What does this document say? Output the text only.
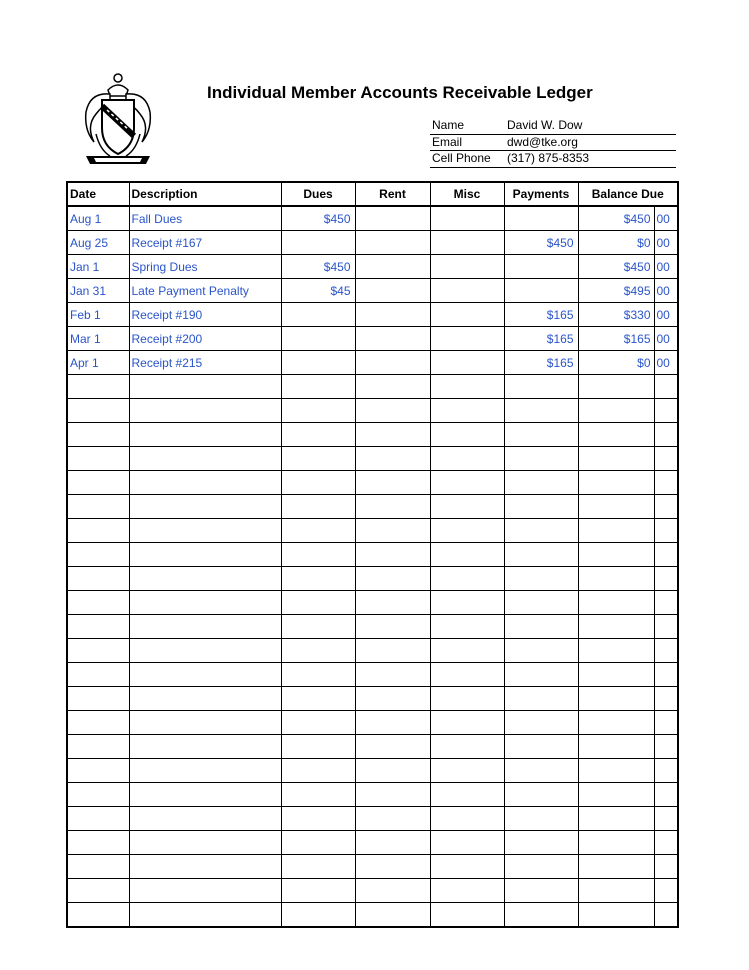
Individual Member Accounts Receivable Ledger
Name	David W. Dow
Email	dwd@tke.org
Cell Phone (317) 875-8353
Date	Description	Dues	Rent	Misc	Payments	Balance Due	
Aug 1	Fall Dues	$450				$450	00
Aug 25	Receipt #167				$450	$0	00
Jan 1	Spring Dues	$450				$450	00
Jan 31	Late Payment Penalty	$45				$495	00
Feb 1	Receipt #190				$165	$330	00
Mar 1	Receipt #200				$165	$165	00
Apr 1	Receipt #215				$165	$0	00
